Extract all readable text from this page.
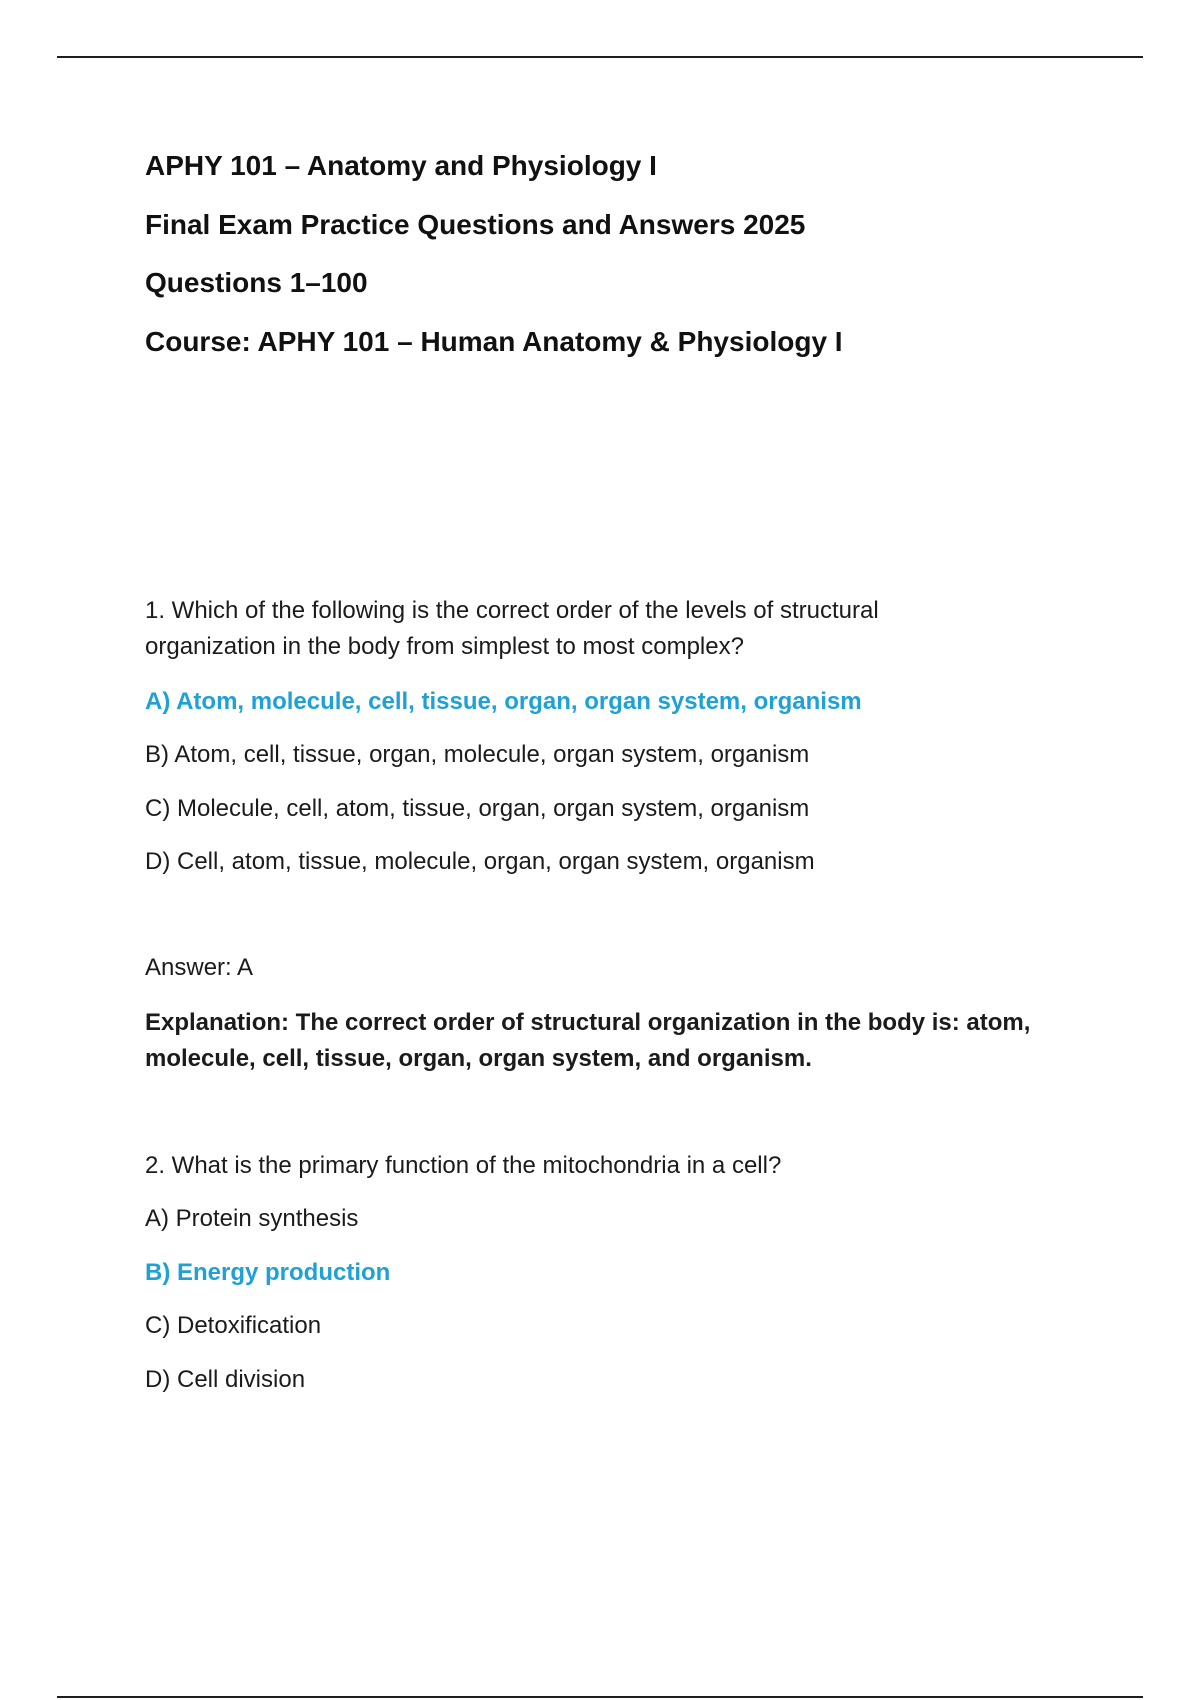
APHY 101 – Anatomy and Physiology I
Final Exam Practice Questions and Answers 2025
Questions 1–100
Course: APHY 101 – Human Anatomy & Physiology I
1. Which of the following is the correct order of the levels of structural organization in the body from simplest to most complex?
A) Atom, molecule, cell, tissue, organ, organ system, organism
B) Atom, cell, tissue, organ, molecule, organ system, organism
C) Molecule, cell, atom, tissue, organ, organ system, organism
D) Cell, atom, tissue, molecule, organ, organ system, organism
Answer: A
Explanation: The correct order of structural organization in the body is: atom, molecule, cell, tissue, organ, organ system, and organism.
2. What is the primary function of the mitochondria in a cell?
A) Protein synthesis
B) Energy production
C) Detoxification
D) Cell division
